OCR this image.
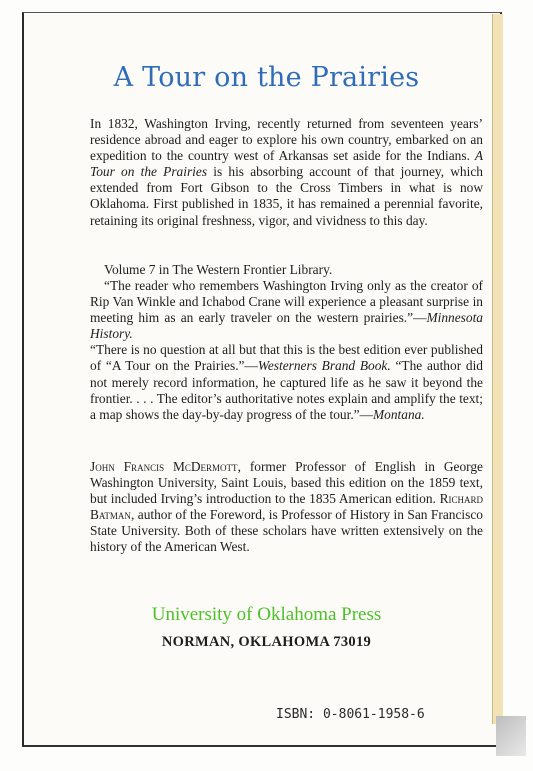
A Tour on the Prairies

In 1832, Washington Irving, recently returned from seventeen years’ residence abroad and eager to explore his own country, embarked on an expedition to the country west of Arkansas set aside for the Indians. A Tour on the Prairies is his absorbing account of that journey, which extended from Fort Gibson to the Cross Timbers in what is now Oklahoma. First published in 1835, it has remained a perennial favorite, retaining its original freshness, vigor, and vividness to this day.

Volume 7 in The Western Frontier Library.

“The reader who remembers Washington Irving only as the creator of Rip Van Winkle and Ichabod Crane will experience a pleasant surprise in meeting him as an early traveler on the western prairies.”—Minnesota History.

“There is no question at all but that this is the best edition ever published of “A Tour on the Prairies.”—Westerners Brand Book. “The author did not merely record information, he captured life as he saw it beyond the frontier. . . . The editor’s authoritative notes explain and amplify the text; a map shows the day-by-day progress of the tour.”—Montana.

John Francis McDermott, former Professor of English in George Washington University, Saint Louis, based this edition on the 1859 text, but included Irving’s introduction to the 1835 American edition. Richard Batman, author of the Foreword, is Professor of History in San Francisco State University. Both of these scholars have written extensively on the history of the American West.

University of Oklahoma Press
NORMAN, OKLAHOMA 73019
ISBN: 0-8061-1958-6
